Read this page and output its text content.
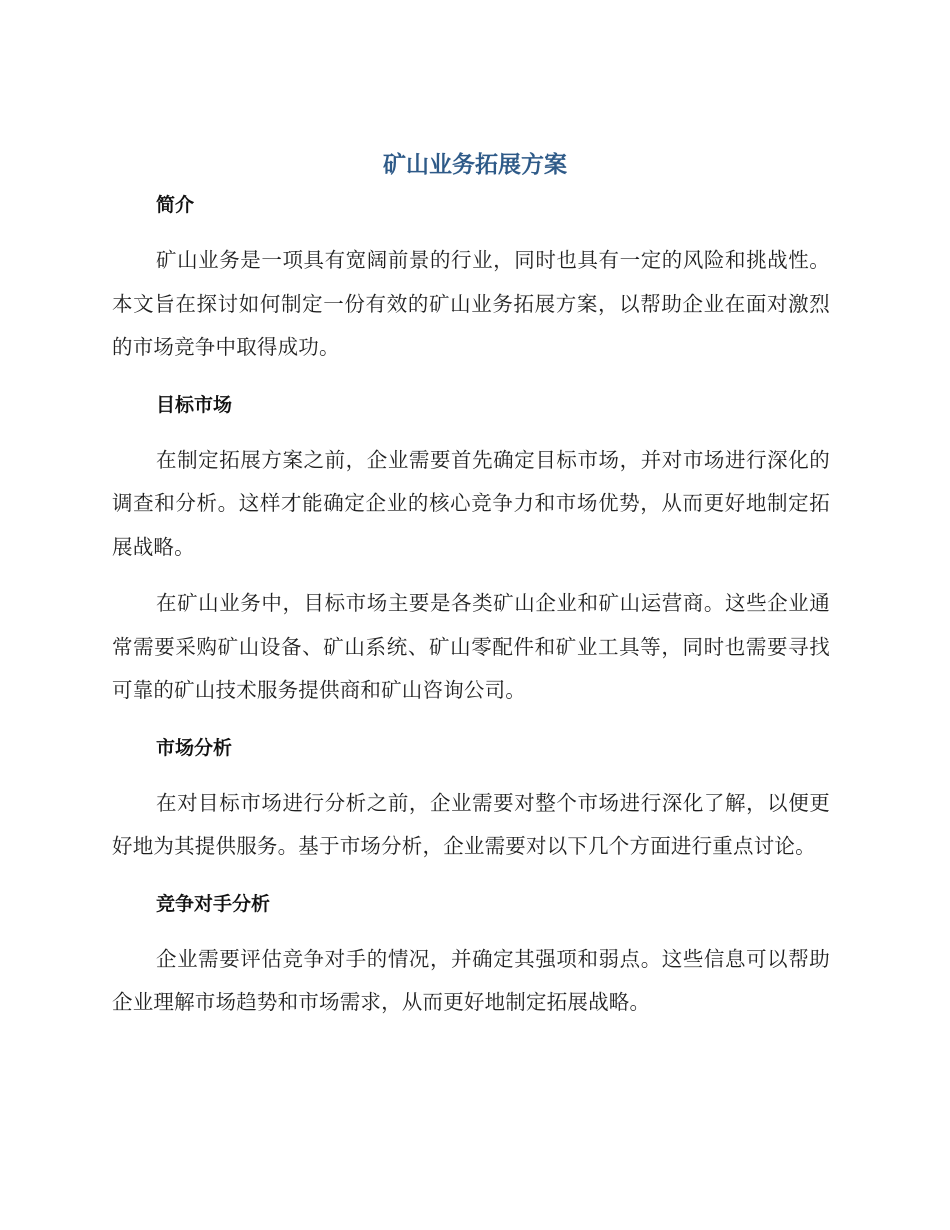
矿山业务拓展方案
简介

矿山业务是一项具有宽阔前景的行业，同时也具有一定的风险和挑战性。本文旨在探讨如何制定一份有效的矿山业务拓展方案，以帮助企业在面对激烈的市场竞争中取得成功。

目标市场

在制定拓展方案之前，企业需要首先确定目标市场，并对市场进行深化的调查和分析。这样才能确定企业的核心竞争力和市场优势，从而更好地制定拓展战略。

在矿山业务中，目标市场主要是各类矿山企业和矿山运营商。这些企业通常需要采购矿山设备、矿山系统、矿山零配件和矿业工具等，同时也需要寻找可靠的矿山技术服务提供商和矿山咨询公司。

市场分析

在对目标市场进行分析之前，企业需要对整个市场进行深化了解，以便更好地为其提供服务。基于市场分析，企业需要对以下几个方面进行重点讨论。

竞争对手分析

企业需要评估竞争对手的情况，并确定其强项和弱点。这些信息可以帮助企业理解市场趋势和市场需求，从而更好地制定拓展战略。
